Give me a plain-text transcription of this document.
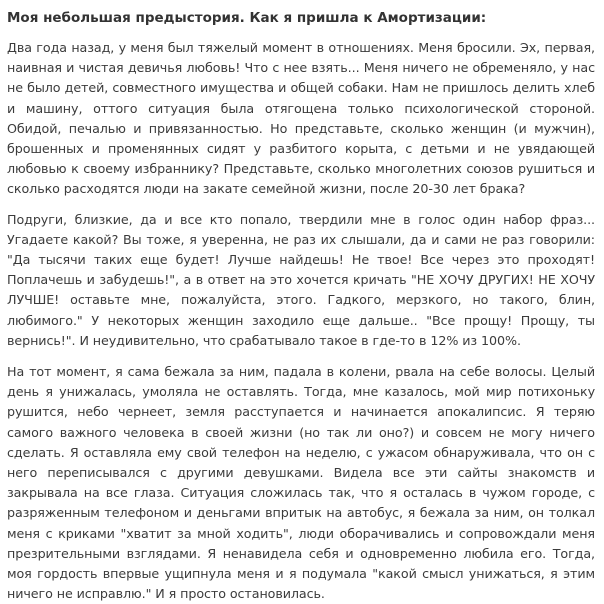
Моя небольшая предыстория. Как я пришла к Амортизации:

Два года назад, у меня был тяжелый момент в отношениях. Меня бросили. Эх, первая, наивная и чистая девичья любовь! Что с нее взять... Меня ничего не обременяло, у нас не было детей, совместного имущества и общей собаки. Нам не пришлось делить хлеб и машину, оттого ситуация была отягощена только психологической стороной. Обидой, печалью и привязанностью. Но представьте, сколько женщин (и мужчин), брошенных и променянных сидят у разбитого корыта, с детьми и не увядающей любовью к своему избраннику? Представьте, сколько многолетних союзов рушиться и сколько расходятся люди на закате семейной жизни, после 20-30 лет брака?

Подруги, близкие, да и все кто попало, твердили мне в голос один набор фраз... Угадаете какой? Вы тоже, я уверенна, не раз их слышали, да и сами не раз говорили: "Да тысячи таких еще будет! Лучше найдешь! Не твое! Все через это проходят! Поплачешь и забудешь!", а в ответ на это хочется кричать "НЕ ХОЧУ ДРУГИХ! НЕ ХОЧУ ЛУЧШЕ! оставьте мне, пожалуйста, этого. Гадкого, мерзкого, но такого, блин, любимого." У некоторых женщин заходило еще дальше.. "Все прощу! Прощу, ты вернись!". И неудивительно, что срабатывало такое в где-то в 12% из 100%.

На тот момент, я сама бежала за ним, падала в колени, рвала на себе волосы. Целый день я унижалась, умоляла не оставлять. Тогда, мне казалось, мой мир потихоньку рушится, небо чернеет, земля расступается и начинается апокалипсис. Я теряю самого важного человека в своей жизни (но так ли оно?) и совсем не могу ничего сделать. Я оставляла ему свой телефон на неделю, с ужасом обнаруживала, что он с него переписывался с другими девушками. Видела все эти сайты знакомств и закрывала на все глаза. Ситуация сложилась так, что я осталась в чужом городе, с разряженным телефоном и деньгами впритык на автобус, я бежала за ним, он толкал меня с криками "хватит за мной ходить", люди оборачивались и сопровождали меня презрительными взглядами. Я ненавидела себя и одновременно любила его. Тогда, моя гордость впервые ущипнула меня и я подумала "какой смысл унижаться, я этим ничего не исправлю." И я просто остановилась.
